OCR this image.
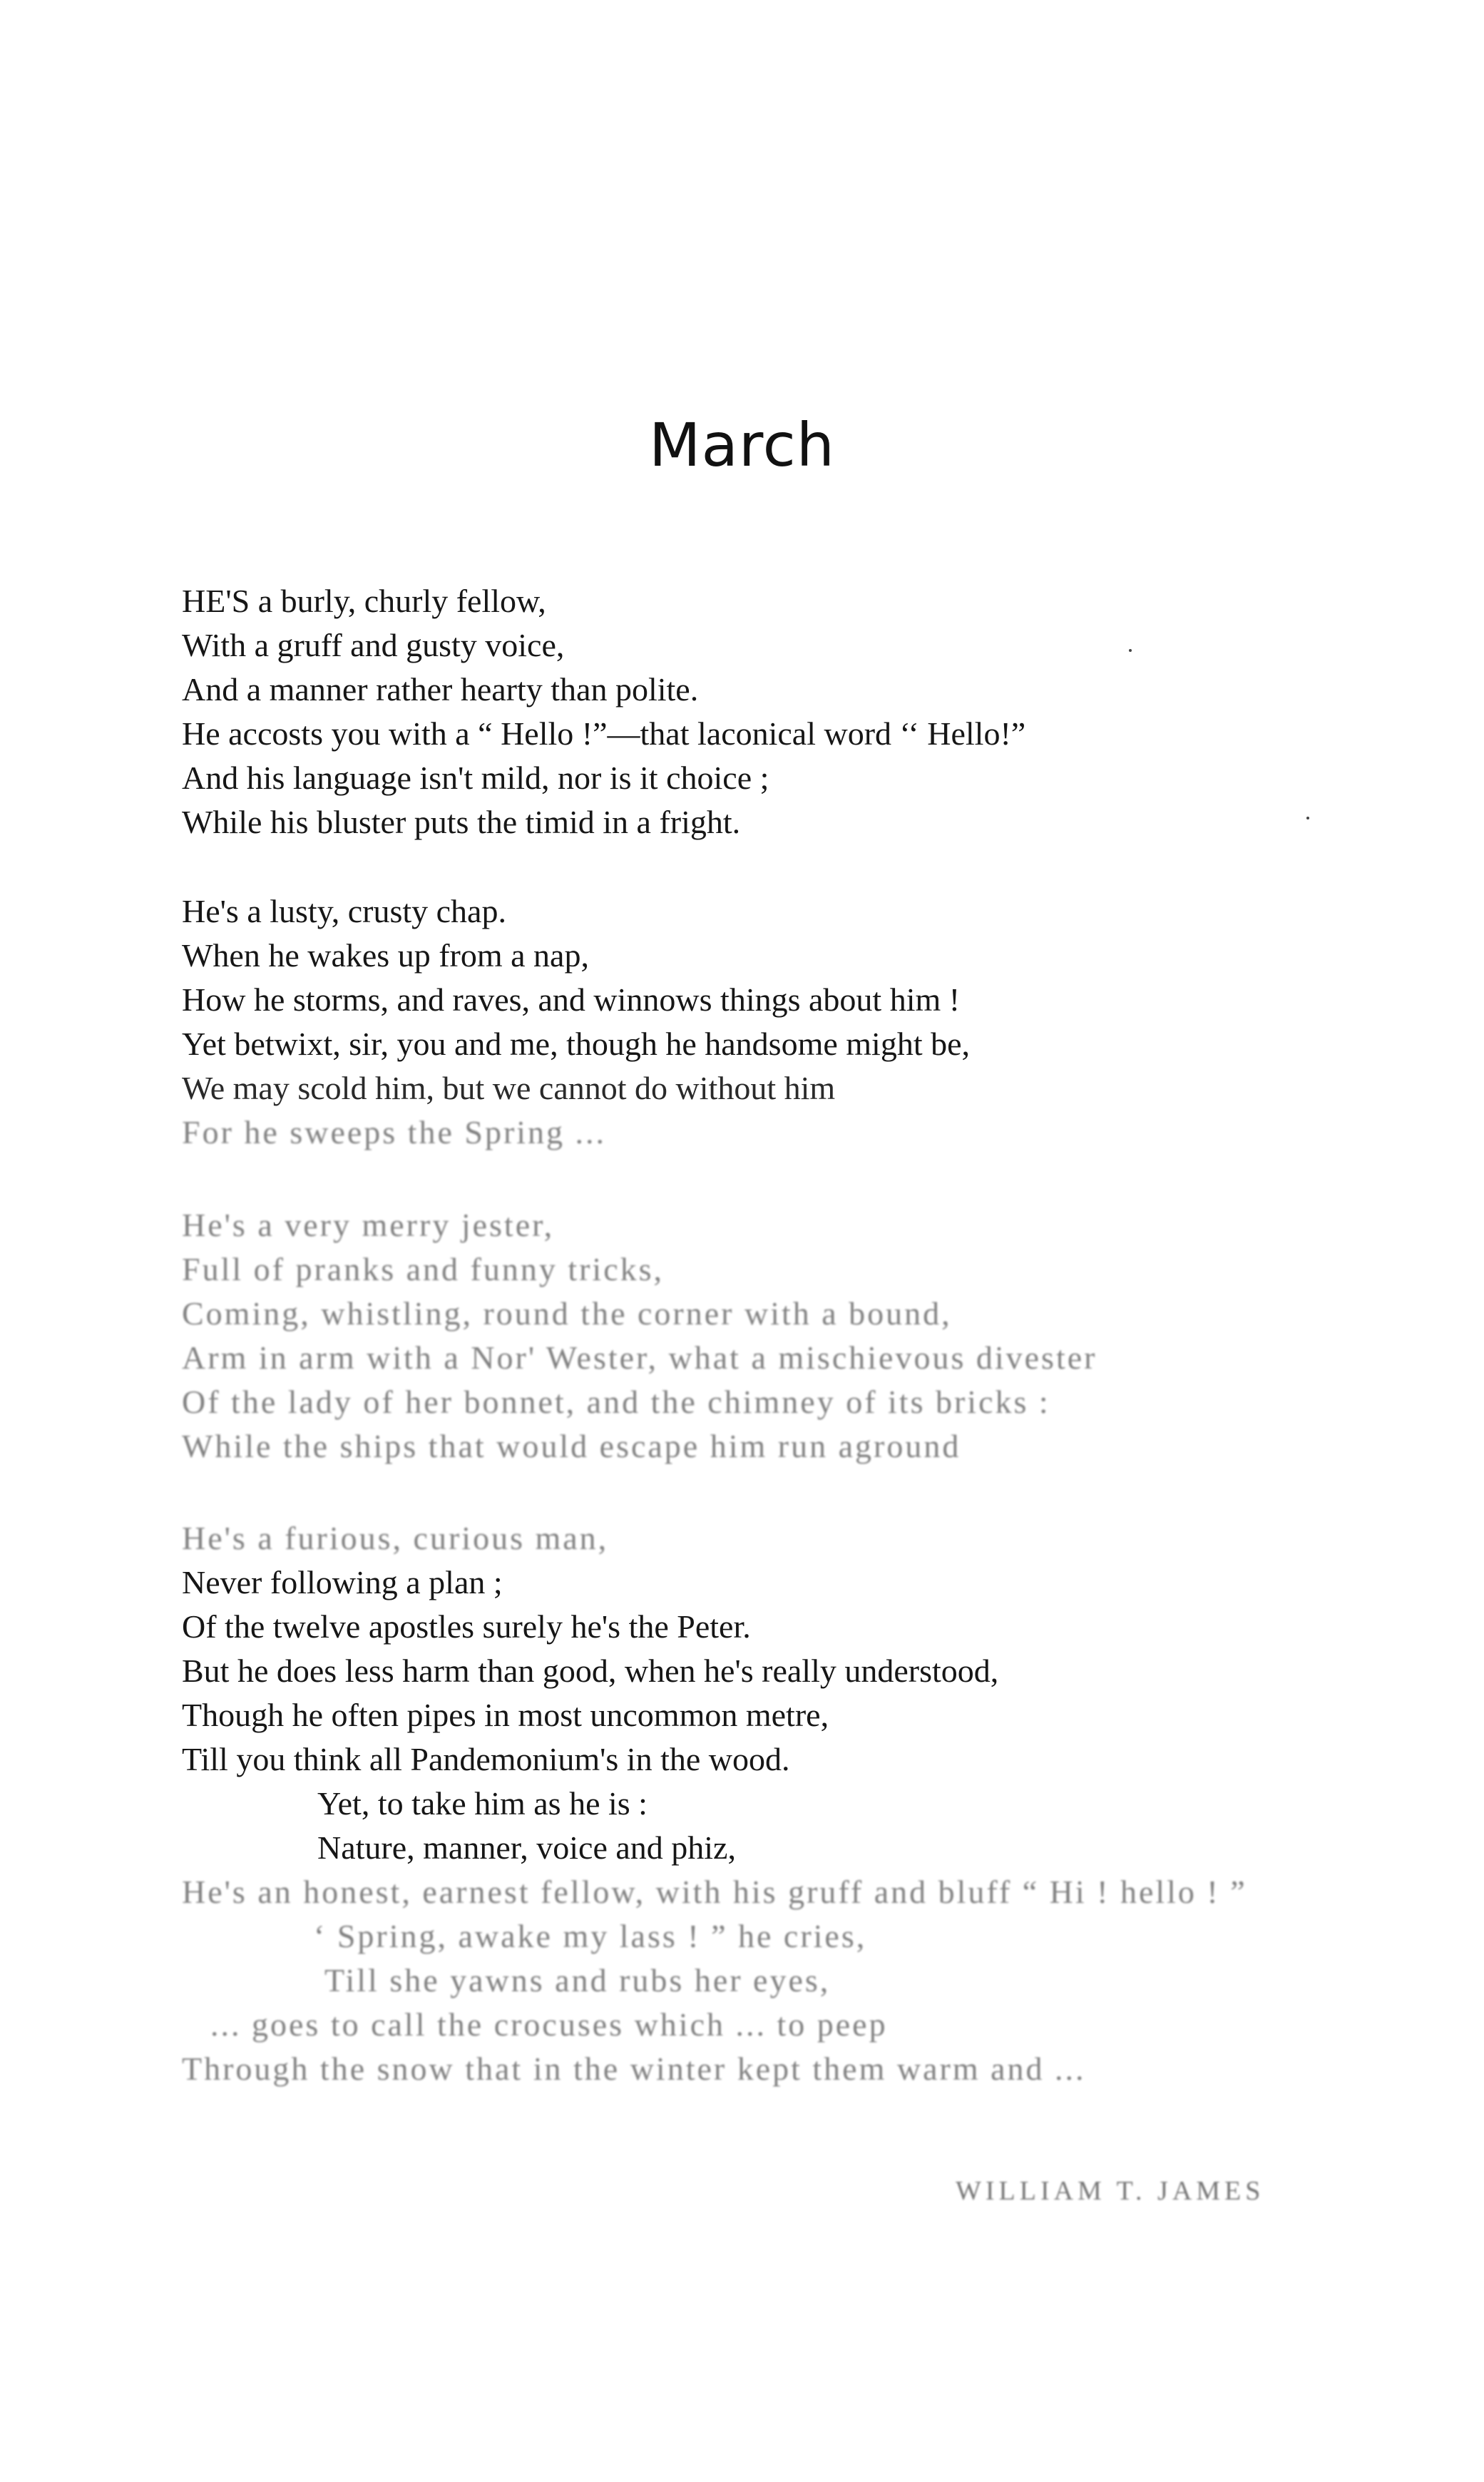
March
HE'S a burly, churly fellow,
With a gruff and gusty voice,
And a manner rather hearty than polite.
He accosts you with a “ Hello !”—that laconical word ‘‘ Hello!”
And his language isn't mild, nor is it choice ;
While his bluster puts the timid in a fright.
He's a lusty, crusty chap.
When he wakes up from a nap,
How he storms, and raves, and winnows things about him !
Yet betwixt, sir, you and me, though he handsome might be,
We may scold him, but we cannot do without him
For he sweeps the Spring ...
He's a very merry jester,
Full of pranks and funny tricks,
Coming, whistling, round the corner with a bound,
Arm in arm with a Nor' Wester, what a mischievous divester
Of the lady of her bonnet, and the chimney of its bricks :
While the ships that would escape him run aground
He's a furious, curious man,
Never following a plan ;
Of the twelve apostles surely he's the Peter.
But he does less harm than good, when he's really understood,
Though he often pipes in most uncommon metre,
Till you think all Pandemonium's in the wood.
Yet, to take him as he is :
Nature, manner, voice and phiz,
He's an honest, earnest fellow, with his gruff and bluff “ Hi ! hello ! ”
‘ Spring, awake my lass ! ” he cries,
Till she yawns and rubs her eyes,
... goes to call the crocuses which ... to peep
Through the snow that in the winter kept them warm and ...
WILLIAM T. JAMES
